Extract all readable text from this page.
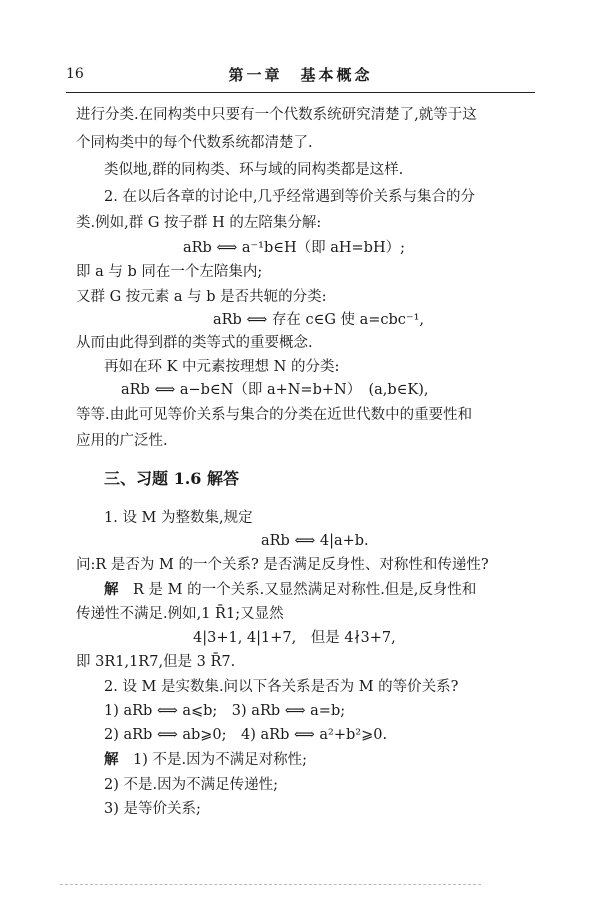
16	第一章　基本概念
进行分类.在同构类中只要有一个代数系统研究清楚了,就等于这
个同构类中的每个代数系统都清楚了.
类似地,群的同构类、环与域的同构类都是这样.
2. 在以后各章的讨论中,几乎经常遇到等价关系与集合的分
类.例如,群 G 按子群 H 的左陪集分解:
aRb ⟺ a⁻¹b∈H（即 aH=bH）;
即 a 与 b 同在一个左陪集内;
又群 G 按元素 a 与 b 是否共轭的分类:
aRb ⟺ 存在 c∈G 使 a=cbc⁻¹,
从而由此得到群的类等式的重要概念.
再如在环 K 中元素按理想 N 的分类:
aRb ⟺ a−b∈N（即 a+N=b+N）　(a,b∈K),
等等.由此可见等价关系与集合的分类在近世代数中的重要性和
应用的广泛性.
三、习题 1.6 解答
1. 设 M 为整数集,规定
aRb ⟺ 4|a+b.
问:R 是否为 M 的一个关系? 是否满足反身性、对称性和传递性?
解　R 是 M 的一个关系.又显然满足对称性.但是,反身性和
传递性不满足.例如,1 R̄1;又显然
4|3+1, 4|1+7,　但是 4∤3+7,
即 3R1,1R7,但是 3 R̄7.
2. 设 M 是实数集.问以下各关系是否为 M 的等价关系?
1) aRb ⟺ a⩽b;　3) aRb ⟺ a=b;
2) aRb ⟺ ab⩾0;　4) aRb ⟺ a²+b²⩾0.
解　1) 不是.因为不满足对称性;
2) 不是.因为不满足传递性;
3) 是等价关系;
